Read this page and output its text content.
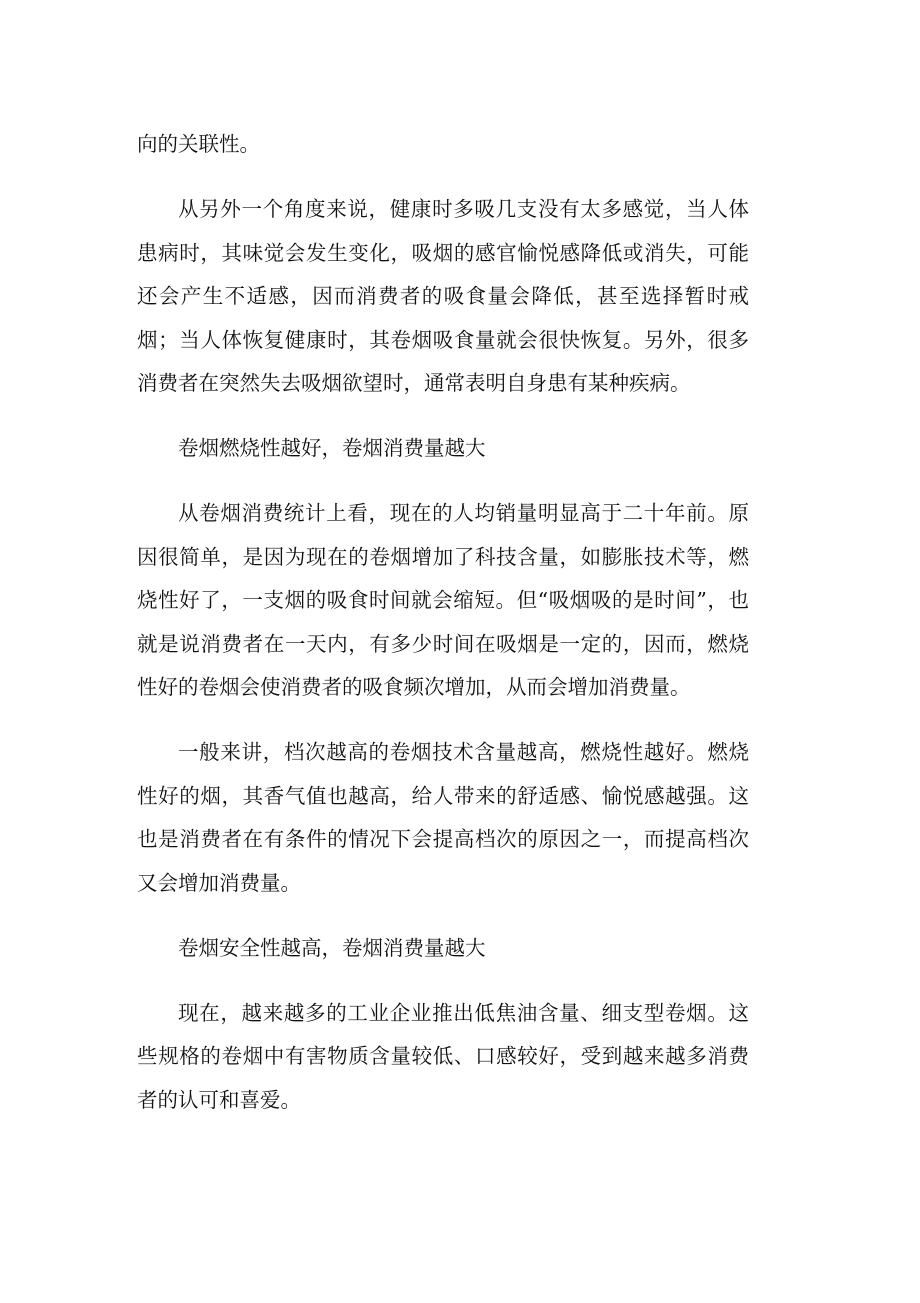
向的关联性。

从另外一个角度来说，健康时多吸几支没有太多感觉，当人体患病时，其味觉会发生变化，吸烟的感官愉悦感降低或消失，可能还会产生不适感，因而消费者的吸食量会降低，甚至选择暂时戒烟；当人体恢复健康时，其卷烟吸食量就会很快恢复。另外，很多消费者在突然失去吸烟欲望时，通常表明自身患有某种疾病。

卷烟燃烧性越好，卷烟消费量越大

从卷烟消费统计上看，现在的人均销量明显高于二十年前。原因很简单，是因为现在的卷烟增加了科技含量，如膨胀技术等，燃烧性好了，一支烟的吸食时间就会缩短。但“吸烟吸的是时间”，也就是说消费者在一天内，有多少时间在吸烟是一定的，因而，燃烧性好的卷烟会使消费者的吸食频次增加，从而会增加消费量。

一般来讲，档次越高的卷烟技术含量越高，燃烧性越好。燃烧性好的烟，其香气值也越高，给人带来的舒适感、愉悦感越强。这也是消费者在有条件的情况下会提高档次的原因之一，而提高档次又会增加消费量。

卷烟安全性越高，卷烟消费量越大

现在，越来越多的工业企业推出低焦油含量、细支型卷烟。这些规格的卷烟中有害物质含量较低、口感较好，受到越来越多消费者的认可和喜爱。
